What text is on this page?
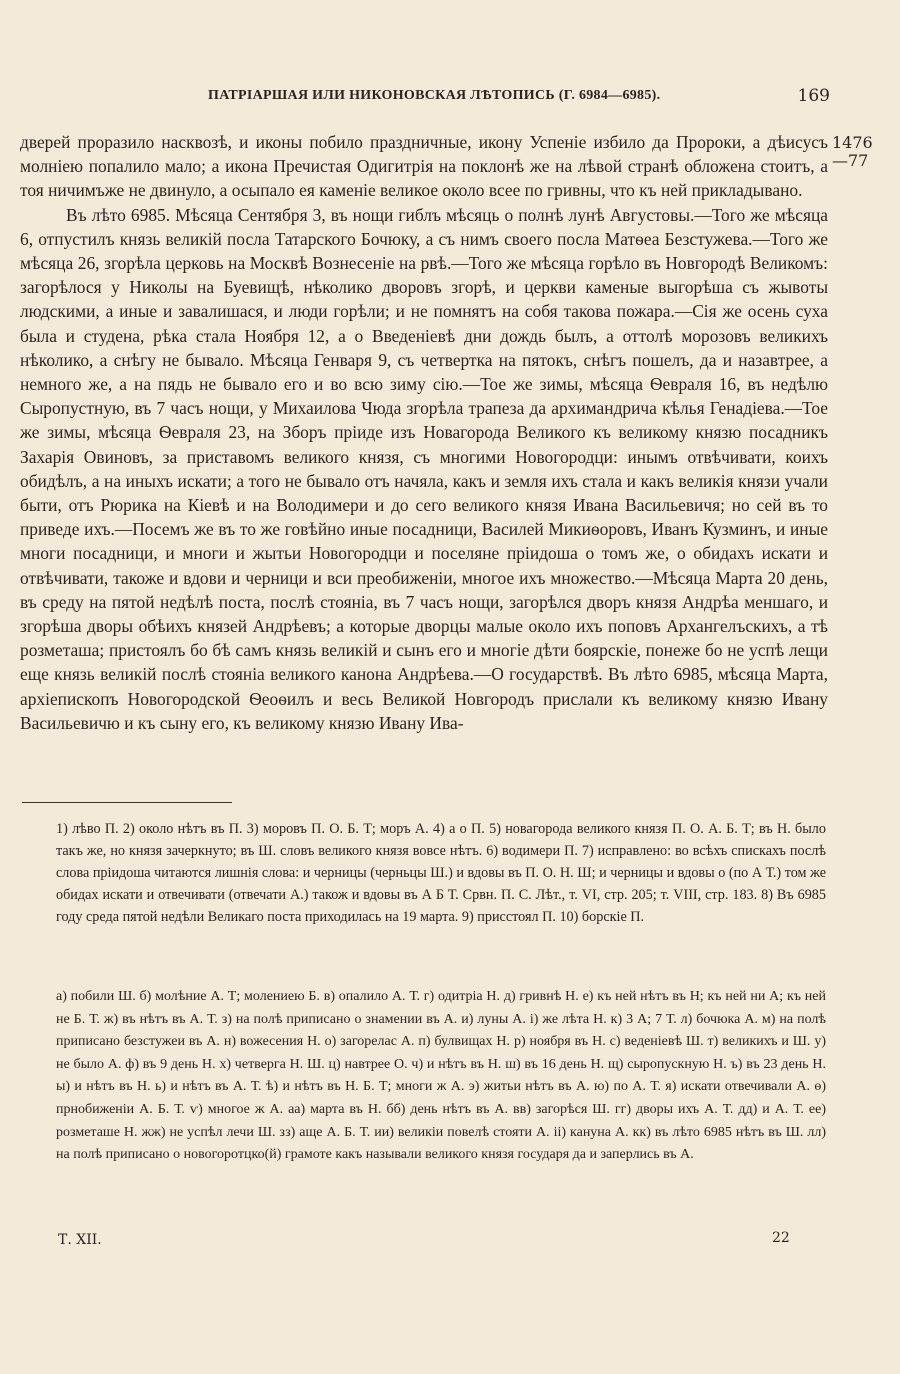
ПАТРІАРШАЯ ИЛИ НИКОНОВСКАЯ ЛѢТОПИСЬ (Г. 6984—6985).	169
1476
—77

дверей проразило насквозѣ, и иконы побило праздничные, икону Успеніе избило да Пророки, а дѣисусъ молніею попалило мало; а икона Пречистая Одигитрія на поклонѣ же на лѣвой странѣ обложена стоитъ, а тоя ничимъже не двинуло, а осыпало ея каменіе великое около всее по гривны, что къ ней прикладывано.

Въ лѣто 6985. Мѣсяца Сентября 3, въ нощи гиблъ мѣсяць о полнѣ лунѣ Августовы.—Того же мѣсяца 6, отпустилъ князь великій посла Татарского Бочюку, а съ нимъ своего посла Матѳеа Безстужева.—Того же мѣсяца 26, згорѣла церковь на Москвѣ Вознесеніе на рвѣ.—Того же мѣсяца горѣло въ Новгородѣ Великомъ: загорѣлося у Николы на Буевищѣ, нѣколико дворовъ згорѣ, и церкви каменые выгорѣша съ жывоты людскими, а иные и завалишася, и люди горѣли; и не помнятъ на собя такова пожара.—Сія же осень суха была и студена, рѣка стала Ноября 12, а о Введеніевѣ дни дождь былъ, а оттолѣ морозовъ великихъ нѣколико, а снѣгу не бывало. Мѣсяца Генваря 9, съ четвертка на пятокъ, снѣгъ пошелъ, да и назавтрее, а немного же, а на пядь не бывало его и во всю зиму сію.—Тое же зимы, мѣсяца Ѳевраля 16, въ недѣлю Сыропустную, въ 7 часъ нощи, у Михаилова Чюда згорѣла трапеза да архимандрича кѣлья Генадіева.—Тое же зимы, мѣсяца Ѳевраля 23, на Зборъ пріиде изъ Новагорода Великого къ великому князю посадникъ Захарія Овиновъ, за приставомъ великого князя, съ многими Новогородци: инымъ отвѣчивати, коихъ обидѣлъ, а на иныхъ искати; а того не бывало отъ начяла, какъ и земля ихъ стала и какъ великія князи учали быти, отъ Рюрика на Кіевѣ и на Володимери и до сего великого князя Ивана Васильевичя; но сей въ то приведе ихъ.—Посемъ же въ то же говѣйно иные посадници, Василей Микиѳоровъ, Иванъ Кузминъ, и иные многи посадници, и многи и жытьи Новогородци и поселяне пріидоша о томъ же, о обидахъ искати и отвѣчивати, такоже и вдови и черници и вси преобиженіи, многое ихъ множество.—Мѣсяца Марта 20 день, въ среду на пятой недѣлѣ поста, послѣ стояніа, въ 7 часъ нощи, загорѣлся дворъ князя Андрѣа меншаго, и згорѣша дворы обѣихъ князей Андрѣевъ; а которые дворцы малые около ихъ поповъ Архангелъскихъ, а тѣ розметаша; пристоялъ бо бѣ самъ князь великій и сынъ его и многіе дѣти боярскіе, понеже бо не успѣ лещи еще князь великій послѣ стояніа великого канона Андрѣева.—О государствѣ. Въ лѣто 6985, мѣсяца Марта, архіепископъ Новогородской Ѳеоѳилъ и весь Великой Новгородъ прислали къ великому князю Ивану Васильевичю и къ сыну его, къ великому князю Ивану Ива-

1) лѣво П. 2) около нѣтъ въ П. 3) моровъ П. О. Б. Т; моръ А. 4) а о П. 5) новагорода великого князя П. О. А. Б. Т; въ Н. было такъ же, но князя зачеркнуто; въ Ш. словъ великого князя вовсе нѣтъ. 6) водимери П. 7) исправлено: во всѣхъ спискахъ послѣ слова пріидоша читаются лишнія слова: и черницы (черньцы Ш.) и вдовы въ П. О. Н. Ш; и черницы и вдовы о (по А Т.) том же обидах искати и отвечивати (отвечати А.) також и вдовы въ А Б Т. Срвн. П. С. Лѣт., т. VI, стр. 205; т. VIII, стр. 183. 8) Въ 6985 году среда пятой недѣли Великаго поста приходилась на 19 марта. 9) присстоял П. 10) борскіе П.

а) побили Ш. б) молѣние А. Т; молениею Б. в) опалило А. Т. г) одитріа Н. д) гривнѣ Н. е) къ ней нѣтъ въ Н; къ ней ни А; къ ней не Б. Т. ж) въ нѣтъ въ А. Т. з) на полѣ приписано о знамении въ А. и) луны А. і) же лѣта Н. к) 3 А; 7 Т. л) бочюка А. м) на полѣ приписано безстужеи въ А. н) вожесения Н. о) загорелас А. п) булвищах Н. р) ноября въ Н. с) веденіевѣ Ш. т) великихъ и Ш. у) не было А. ф) въ 9 день Н. х) четверга Н. Ш. ц) навтрее О. ч) и нѣтъ въ Н. ш) въ 16 день Н. щ) сыропускную Н. ъ) въ 23 день Н. ы) и нѣтъ въ Н. ь) и нѣтъ въ А. Т. ѣ) и нѣтъ въ Н. Б. Т; многи ж А. э) житьи нѣтъ въ А. ю) по А. Т. я) искати отвечивали А. ѳ) прнобиженіи А. Б. Т. ѵ) многое ж А. аа) марта въ Н. бб) день нѣтъ въ А. вв) загорѣся Ш. гг) дворы ихъ А. Т. дд) и А. Т. ее) розметаше Н. жж) не успѣл лечи Ш. зз) аще А. Б. Т. ии) великіи повелѣ стояти А. іі) кануна А. кк) въ лѣто 6985 нѣтъ въ Ш. лл) на полѣ приписано о новогоротцко(й) грамоте какъ называли великого князя государя да и заперлись въ А.

Т. XII.	22
